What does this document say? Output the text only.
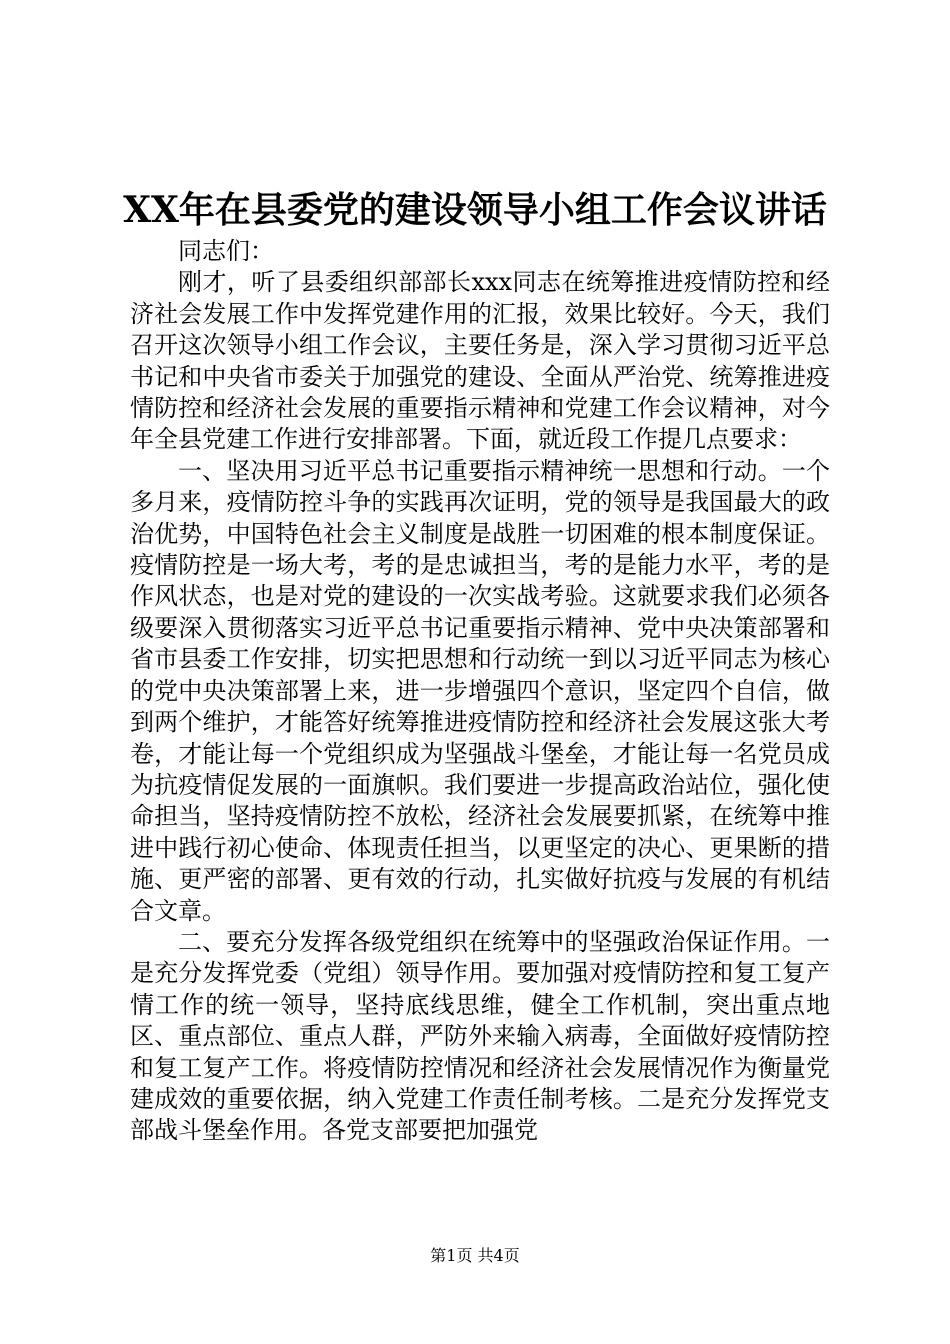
XX年在县委党的建设领导小组工作会议讲话

同志们：

刚才，听了县委组织部部长xxx同志在统筹推进疫情防控和经济社会发展工作中发挥党建作用的汇报，效果比较好。今天，我们召开这次领导小组工作会议，主要任务是，深入学习贯彻习近平总书记和中央省市委关于加强党的建设、全面从严治党、统筹推进疫情防控和经济社会发展的重要指示精神和党建工作会议精神，对今年全县党建工作进行安排部署。下面，就近段工作提几点要求：

一、坚决用习近平总书记重要指示精神统一思想和行动。一个多月来，疫情防控斗争的实践再次证明，党的领导是我国最大的政治优势，中国特色社会主义制度是战胜一切困难的根本制度保证。疫情防控是一场大考，考的是忠诚担当，考的是能力水平，考的是作风状态，也是对党的建设的一次实战考验。这就要求我们必须各级要深入贯彻落实习近平总书记重要指示精神、党中央决策部署和省市县委工作安排，切实把思想和行动统一到以习近平同志为核心的党中央决策部署上来，进一步增强四个意识，坚定四个自信，做到两个维护，才能答好统筹推进疫情防控和经济社会发展这张大考卷，才能让每一个党组织成为坚强战斗堡垒，才能让每一名党员成为抗疫情促发展的一面旗帜。我们要进一步提高政治站位，强化使命担当，坚持疫情防控不放松，经济社会发展要抓紧，在统筹中推进中践行初心使命、体现责任担当，以更坚定的决心、更果断的措施、更严密的部署、更有效的行动，扎实做好抗疫与发展的有机结合文章。

二、要充分发挥各级党组织在统筹中的坚强政治保证作用。一是充分发挥党委（党组）领导作用。要加强对疫情防控和复工复产情工作的统一领导，坚持底线思维，健全工作机制，突出重点地区、重点部位、重点人群，严防外来输入病毒，全面做好疫情防控和复工复产工作。将疫情防控情况和经济社会发展情况作为衡量党建成效的重要依据，纳入党建工作责任制考核。二是充分发挥党支部战斗堡垒作用。各党支部要把加强党

第1页 共4页
